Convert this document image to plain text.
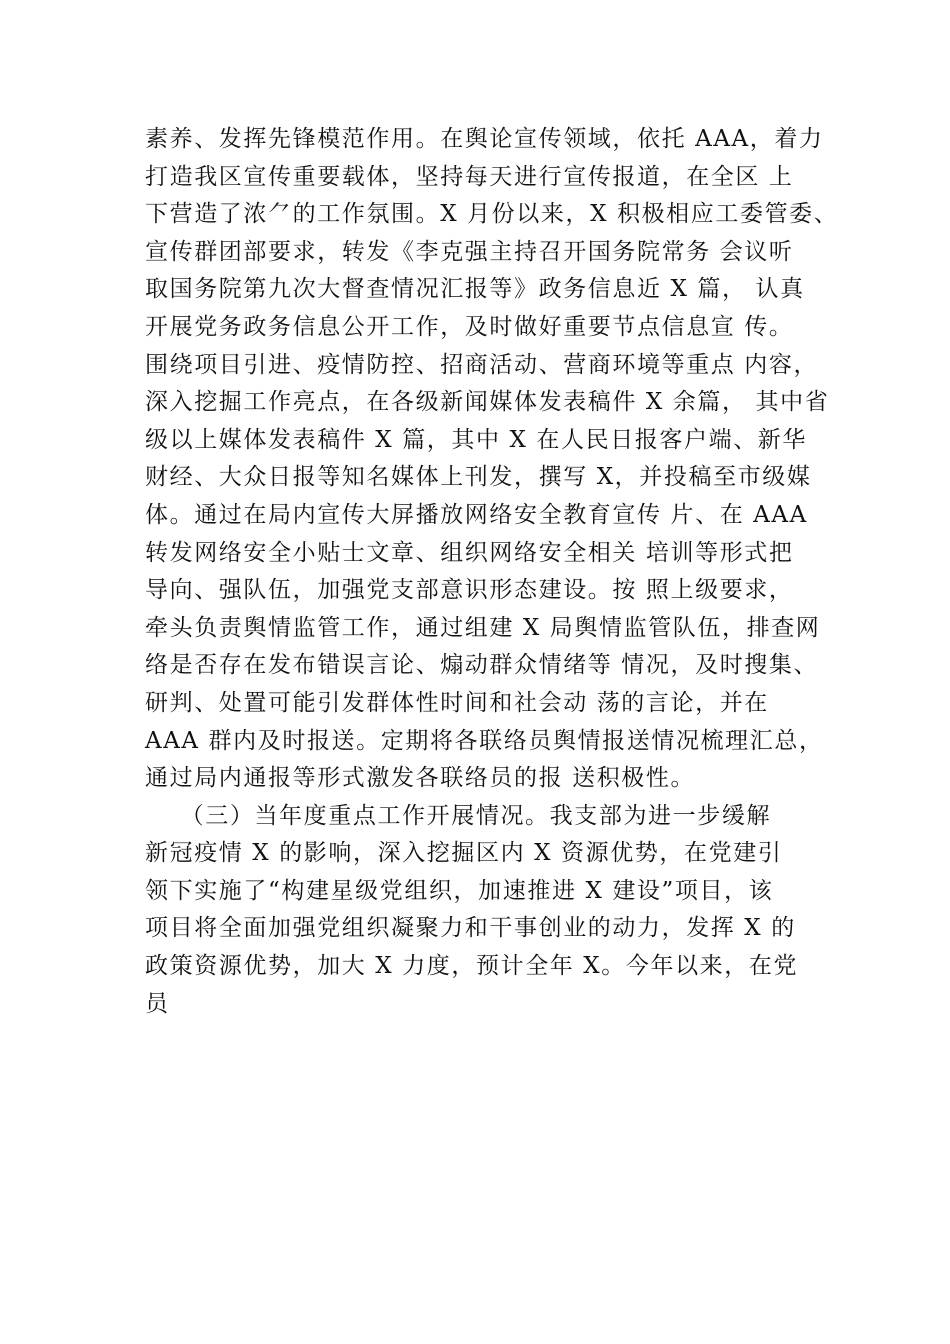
素养、发挥先锋模范作用。在舆论宣传领域，依托 AAA，着力
打造我区宣传重要载体，坚持每天进行宣传报道，在全区 上
下营造了浓⺈的工作氛围。X 月份以来，X 积极相应工委管委、
宣传群团部要求，转发《李克强主持召开国务院常务 会议听
取国务院第九次大督查情况汇报等》政务信息近 X 篇， 认真
开展党务政务信息公开工作，及时做好重要节点信息宣 传。
围绕项目引进、疫情防控、招商活动、营商环境等重点 内容，
深入挖掘工作亮点，在各级新闻媒体发表稿件 X 余篇， 其中省
级以上媒体发表稿件 X 篇，其中 X 在人民日报客户端、新华
财经、大众日报等知名媒体上刊发，撰写 X，并投稿至市级媒
体。通过在局内宣传大屏播放网络安全教育宣传 片、在 AAA
转发网络安全小贴士文章、组织网络安全相关 培训等形式把
导向、强队伍，加强党支部意识形态建设。按 照上级要求，
牵头负责舆情监管工作，通过组建 X 局舆情监管队伍，排查网
络是否存在发布错误言论、煽动群众情绪等 情况，及时搜集、
研判、处置可能引发群体性时间和社会动 荡的言论，并在
AAA 群内及时报送。定期将各联络员舆情报送情况梳理汇总，
通过局内通报等形式激发各联络员的报 送积极性。
（三）当年度重点工作开展情况。我支部为进一步缓解
新冠疫情 X 的影响，深入挖掘区内 X 资源优势，在党建引
领下实施了“构建星级党组织，加速推进 X 建设”项目，该
项目将全面加强党组织凝聚力和干事创业的动力，发挥 X 的
政策资源优势，加大 X 力度，预计全年 X。今年以来，在党
员
